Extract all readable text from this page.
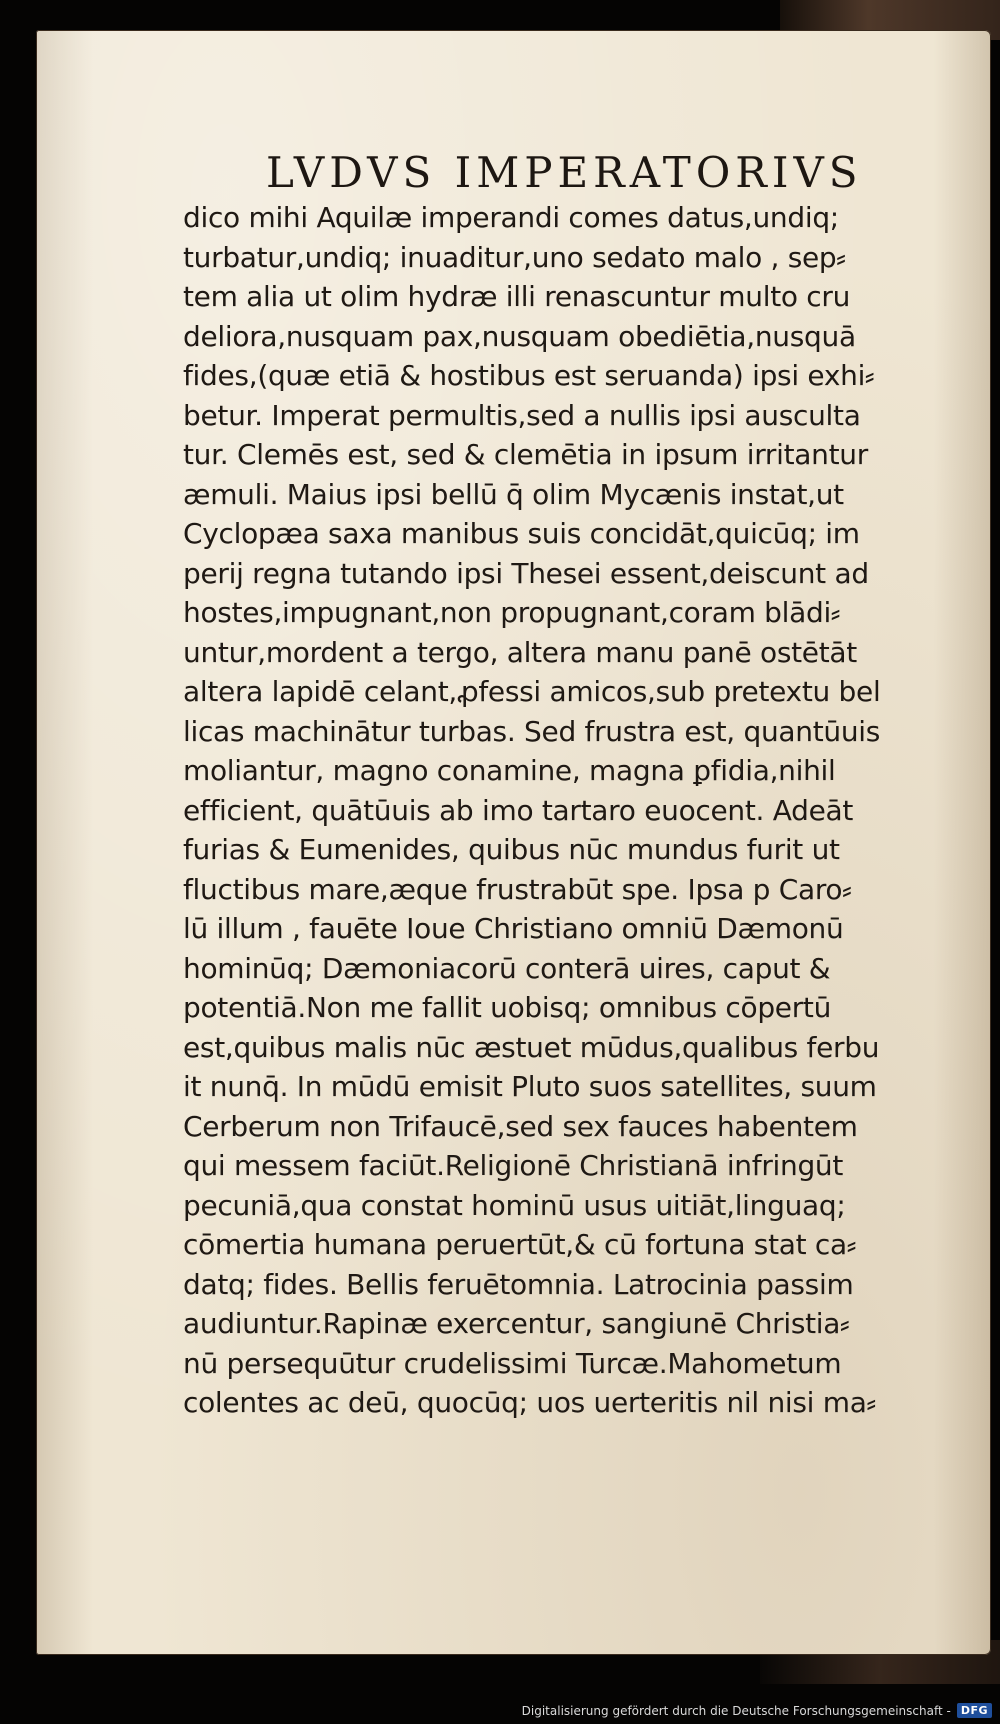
LVDVS IMPERATORIVS
dico mihi Aquilæ imperandi comes datus,undiq;
turbatur,undiq; inuaditur,uno sedato malo , sep⸗
tem alia ut olim hydræ illi renascuntur multo cru
deliora,nusquam pax,nusquam obediētia,nusquā
fides,(quæ etiā & hostibus est seruanda) ipsi exhi⸗
betur. Imperat permultis,sed a nullis ipsi ausculta
tur. Clemēs est, sed & clemētia in ipsum irritantur
æmuli. Maius ipsi bellū q̄ olim Mycænis instat,ut
Cyclopæa saxa manibus suis concidāt,quicūq; im
perij regna tutando ipsi Thesei essent,deiscunt ad
hostes,impugnant,non propugnant,coram blādi⸗
untur,mordent a tergo, altera manu panē ostētāt
altera lapidē celant,ꝓfessi amicos,sub pretextu bel
licas machinātur turbas. Sed frustra est, quantūuis
moliantur, magno conamine, magna ꝑfidia,nihil
efficient, quātūuis ab imo tartaro euocent. Adeāt
furias & Eumenides, quibus nūc mundus furit ut
fluctibus mare,æque frustrabūt spe. Ipsa p Caro⸗
lū illum , fauēte Ioue Christiano omniū Dæmonū
hominūq; Dæmoniacorū conterā uires, caput &
potentiā.Non me fallit uobisq; omnibus cōpertū
est,quibus malis nūc æstuet mūdus,qualibus ferbu
it nunq̄. In mūdū emisit Pluto suos satellites, suum
Cerberum non Trifaucē,sed sex fauces habentem
qui messem faciūt.Religionē Christianā infringūt
pecuniā,qua constat hominū usus uitiāt,linguaq;
cōmertia humana peruertūt,& cū fortuna stat ca⸗
datq; fides. Bellis feruētomnia. Latrocinia passim
audiuntur.Rapinæ exercentur, sangiunē Christia⸗
nū persequūtur crudelissimi Turcæ.Mahometum
colentes ac deū, quocūq; uos uerteritis nil nisi ma⸗
Digitalisierung gefördert durch die Deutsche Forschungsgemeinschaft - DFG
